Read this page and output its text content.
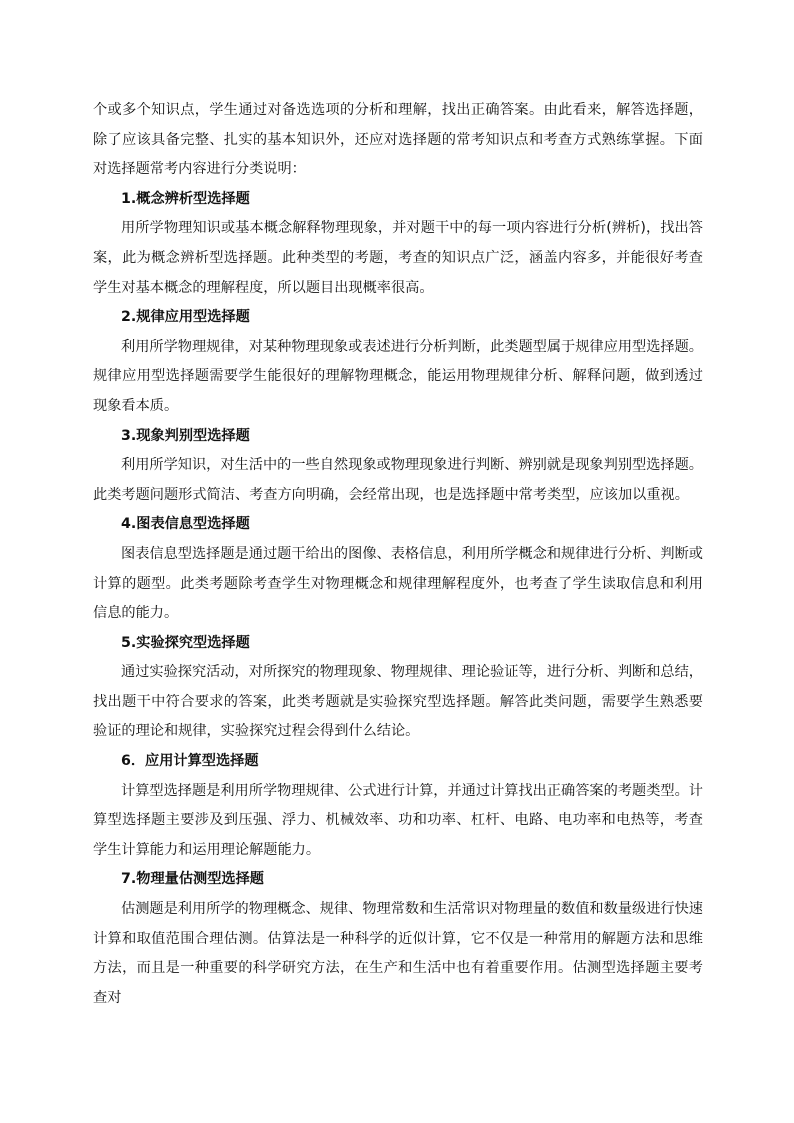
个或多个知识点，学生通过对备选选项的分析和理解，找出正确答案。由此看来，解答选择题，除了应该具备完整、扎实的基本知识外，还应对选择题的常考知识点和考查方式熟练掌握。下面对选择题常考内容进行分类说明：

1.概念辨析型选择题

用所学物理知识或基本概念解释物理现象，并对题干中的每一项内容进行分析(辨析)，找出答案，此为概念辨析型选择题。此种类型的考题，考查的知识点广泛，涵盖内容多，并能很好考查学生对基本概念的理解程度，所以题目出现概率很高。

2.规律应用型选择题

利用所学物理规律，对某种物理现象或表述进行分析判断，此类题型属于规律应用型选择题。规律应用型选择题需要学生能很好的理解物理概念，能运用物理规律分析、解释问题，做到透过现象看本质。

3.现象判别型选择题

利用所学知识，对生活中的一些自然现象或物理现象进行判断、辨别就是现象判别型选择题。此类考题问题形式简洁、考查方向明确，会经常出现，也是选择题中常考类型，应该加以重视。

4.图表信息型选择题

图表信息型选择题是通过题干给出的图像、表格信息，利用所学概念和规律进行分析、判断或计算的题型。此类考题除考查学生对物理概念和规律理解程度外，也考查了学生读取信息和利用信息的能力。

5.实验探究型选择题

通过实验探究活动，对所探究的物理现象、物理规律、理论验证等，进行分析、判断和总结，找出题干中符合要求的答案，此类考题就是实验探究型选择题。解答此类问题，需要学生熟悉要验证的理论和规律，实验探究过程会得到什么结论。

6．应用计算型选择题

计算型选择题是利用所学物理规律、公式进行计算，并通过计算找出正确答案的考题类型。计算型选择题主要涉及到压强、浮力、机械效率、功和功率、杠杆、电路、电功率和电热等，考查学生计算能力和运用理论解题能力。

7.物理量估测型选择题

估测题是利用所学的物理概念、规律、物理常数和生活常识对物理量的数值和数量级进行快速计算和取值范围合理估测。估算法是一种科学的近似计算，它不仅是一种常用的解题方法和思维方法，而且是一种重要的科学研究方法，在生产和生活中也有着重要作用。估测型选择题主要考查对
